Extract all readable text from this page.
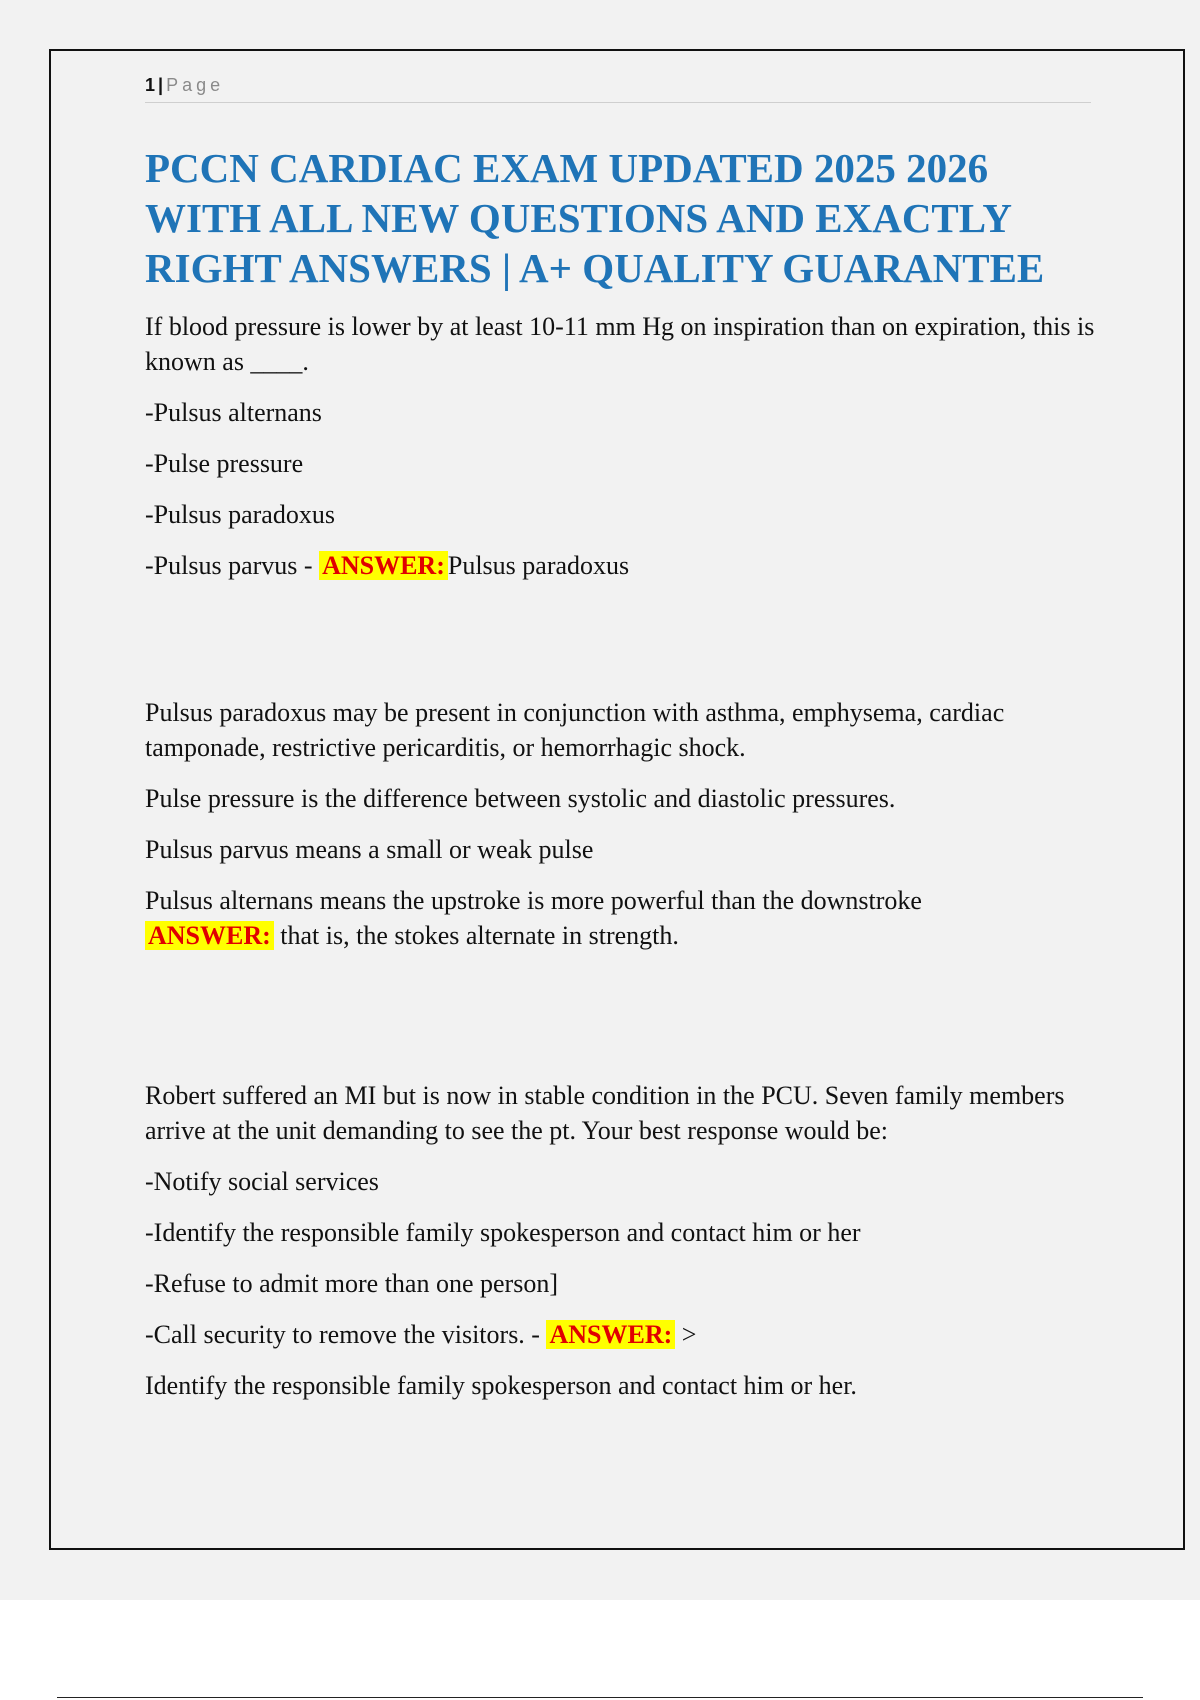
1 | Page
PCCN CARDIAC EXAM UPDATED 2025 2026 WITH ALL NEW QUESTIONS AND EXACTLY RIGHT ANSWERS | A+ QUALITY GUARANTEE

If blood pressure is lower by at least 10-11 mm Hg on inspiration than on expiration, this is known as ____.

-Pulsus alternans

-Pulse pressure

-Pulsus paradoxus

-Pulsus parvus - ANSWER: Pulsus paradoxus

Pulsus paradoxus may be present in conjunction with asthma, emphysema, cardiac tamponade, restrictive pericarditis, or hemorrhagic shock.

Pulse pressure is the difference between systolic and diastolic pressures.

Pulsus parvus means a small or weak pulse

Pulsus alternans means the upstroke is more powerful than the downstroke
ANSWER: that is, the stokes alternate in strength.

Robert suffered an MI but is now in stable condition in the PCU. Seven family members arrive at the unit demanding to see the pt. Your best response would be:

-Notify social services

-Identify the responsible family spokesperson and contact him or her

-Refuse to admit more than one person]

-Call security to remove the visitors. - ANSWER: >

Identify the responsible family spokesperson and contact him or her.
